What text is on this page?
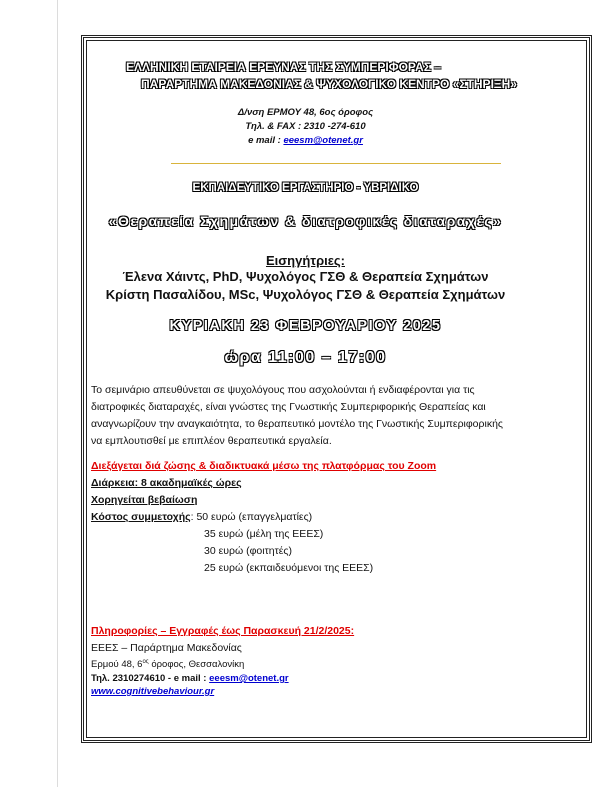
ΕΛΛΗΝΙΚΗ ΕΤΑΙΡΕΙΑ ΕΡΕΥΝΑΣ ΤΗΣ ΣΥΜΠΕΡΙΦΟΡΑΣ –
ΠΑΡΑΡΤΗΜΑ ΜΑΚΕΔΟΝΙΑΣ & ΨΥΧΟΛΟΓΙΚΟ ΚΕΝΤΡΟ «ΣΤΗΡΙΞΗ»
Δ/νση ΕΡΜΟΥ 48, 6ος όροφος
Τηλ. & FAX : 2310 -274-610
e mail : eeesm@otenet.gr
ΕΚΠΑΙΔΕΥΤΙΚΟ ΕΡΓΑΣΤΗΡΙΟ - ΥΒΡΙΔΙΚΟ
«Θεραπεία Σχημάτων & διατροφικές διαταραχές»
Εισηγήτριες:
Έλενα Χάιντς, PhD, Ψυχολόγος ΓΣΘ & Θεραπεία Σχημάτων
Κρίστη Πασαλίδου, MSc, Ψυχολόγος ΓΣΘ & Θεραπεία Σχημάτων
ΚΥΡΙΑΚΗ 23 ΦΕΒΡΟΥΑΡΙΟΥ 2025
ώρα 11:00 – 17:00
Το σεμινάριο απευθύνεται σε ψυχολόγους που ασχολούνται ή ενδιαφέρονται για τις
διατροφικές διαταραχές, είναι γνώστες της Γνωστικής Συμπεριφορικής Θεραπείας και
αναγνωρίζουν την αναγκαιότητα, το θεραπευτικό μοντέλο της Γνωστικής Συμπεριφορικής
να εμπλουτισθεί με επιπλέον θεραπευτικά εργαλεία.
Διεξάγεται διά ζώσης & διαδικτυακά μέσω της πλατφόρμας του Zoom
Διάρκεια: 8 ακαδημαϊκές ώρες
Χορηγείται βεβαίωση
Κόστος συμμετοχής: 50 ευρώ (επαγγελματίες)
35 ευρώ (μέλη της ΕΕΕΣ)
30 ευρώ (φοιτητές)
25 ευρώ (εκπαιδευόμενοι της ΕΕΕΣ)
Πληροφορίες – Εγγραφές έως Παρασκευή 21/2/2025:
ΕΕΕΣ – Παράρτημα Μακεδονίας
Ερμού 48, $6^{o\varsigma}$ όροφος, Θεσσαλονίκη
Τηλ. 2310274610 - e mail : eeesm@otenet.gr
www.cognitivebehaviour.gr
